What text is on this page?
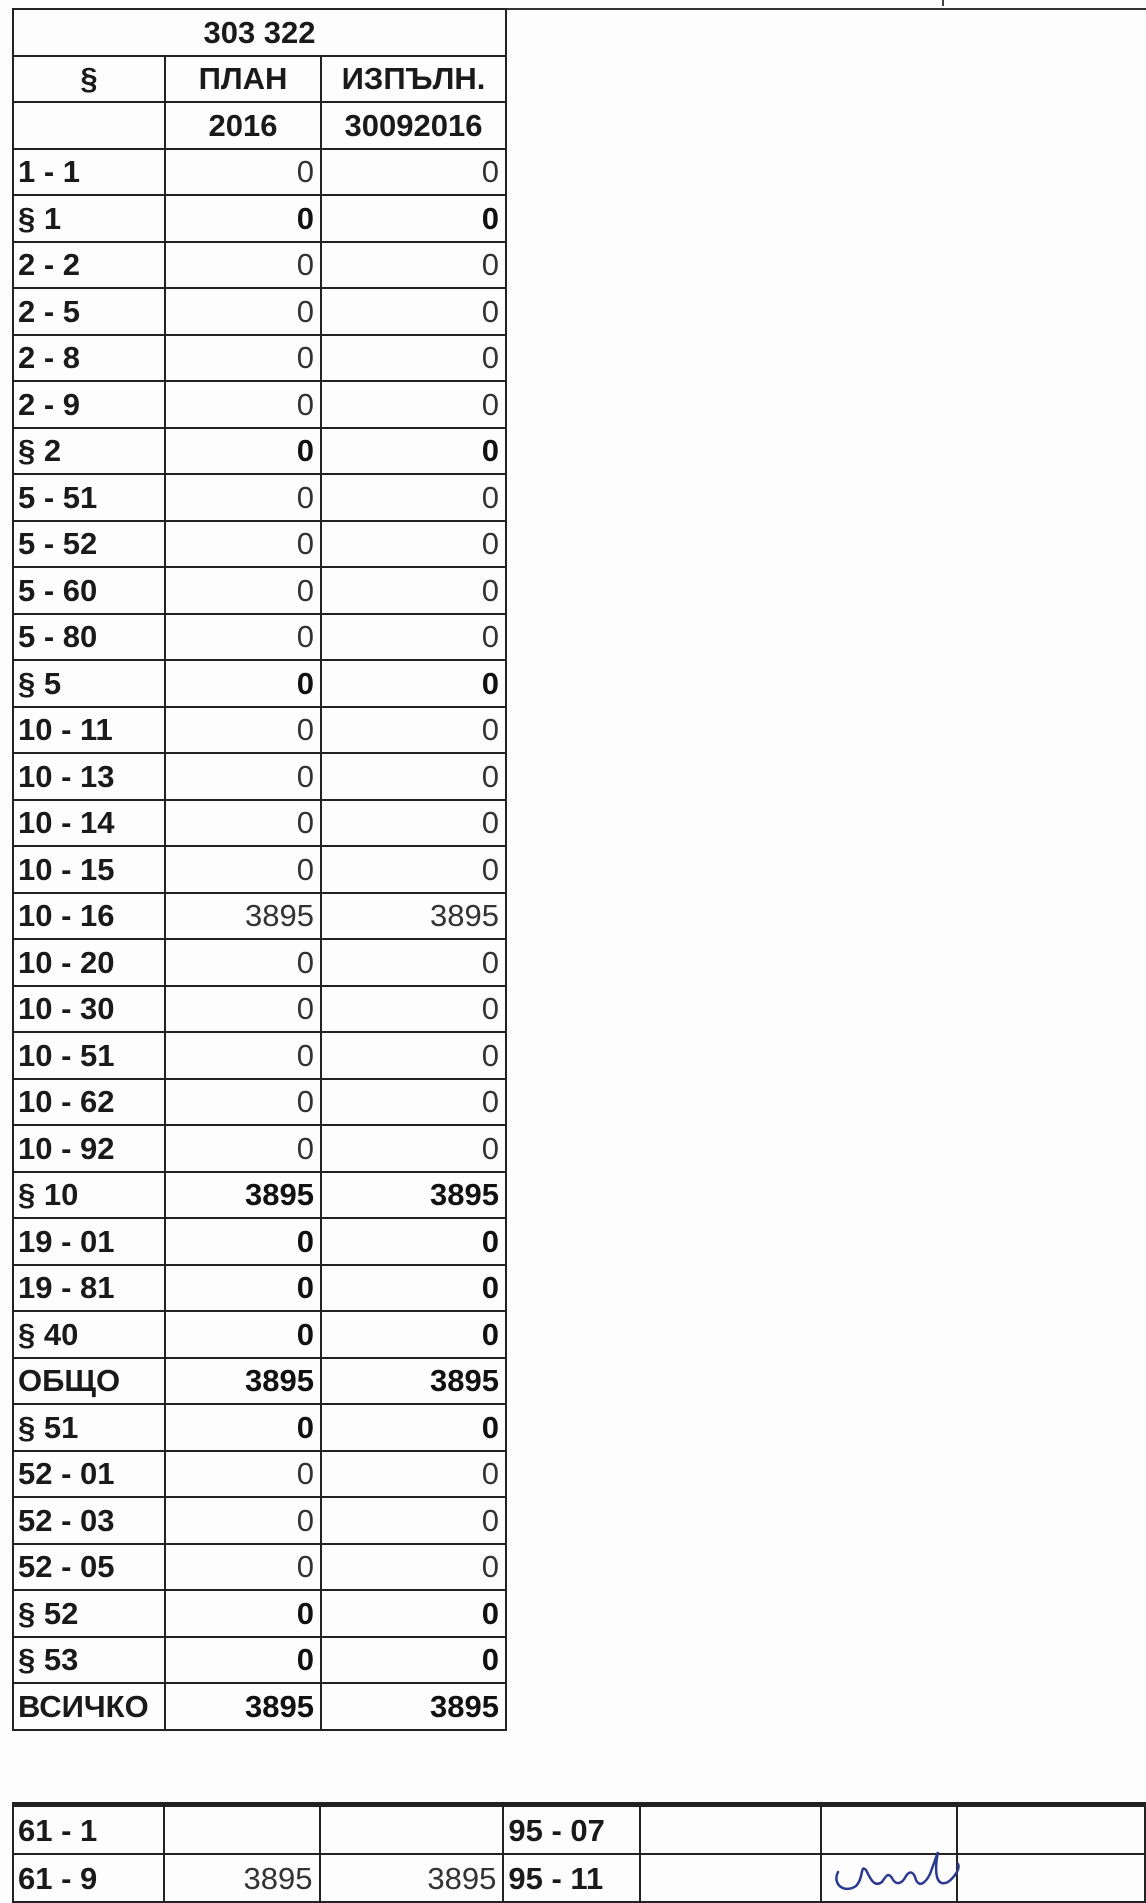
303 322		
§	ПЛАН	ИЗПЪЛН.
	2016	30092016
1 - 1	0	0
§ 1	0	0
2 - 2	0	0
2 - 5	0	0
2 - 8	0	0
2 - 9	0	0
§ 2	0	0
5 - 51	0	0
5 - 52	0	0
5 - 60	0	0
5 - 80	0	0
§ 5	0	0
10 - 11	0	0
10 - 13	0	0
10 - 14	0	0
10 - 15	0	0
10 - 16	3895	3895
10 - 20	0	0
10 - 30	0	0
10 - 51	0	0
10 - 62	0	0
10 - 92	0	0
§ 10	3895	3895
19 - 01	0	0
19 - 81	0	0
§ 40	0	0
ОБЩО	3895	3895
§ 51	0	0
52 - 01	0	0
52 - 03	0	0
52 - 05	0	0
§ 52	0	0
§ 53	0	0
ВСИЧКО	3895	3895
61 - 1			95 - 07			
61 - 9	3895	3895	95 - 11			
